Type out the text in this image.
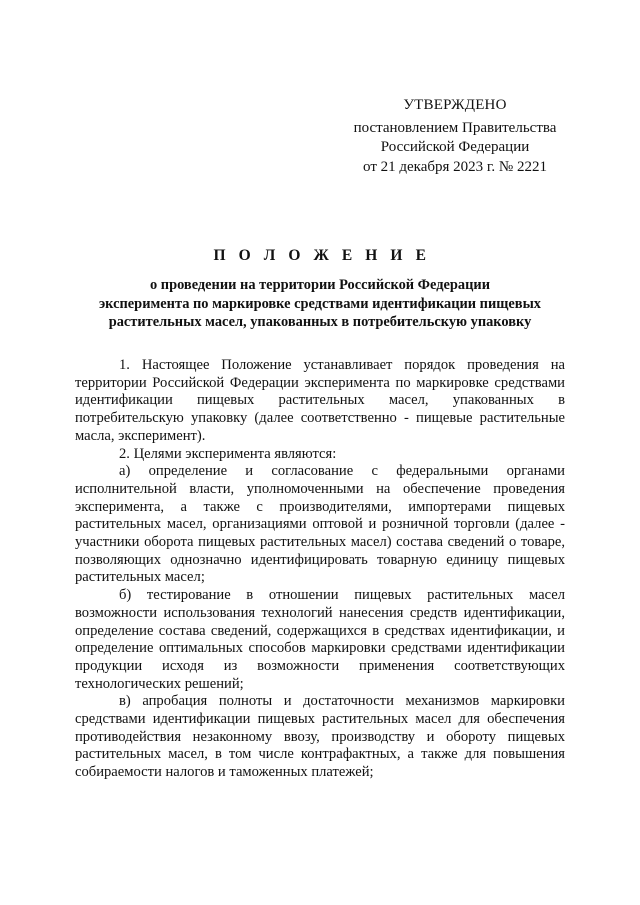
УТВЕРЖДЕНО
постановлением Правительства
Российской Федерации
от 21 декабря 2023 г. № 2221
П О Л О Ж Е Н И Е
о проведении на территории Российской Федерации
эксперимента по маркировке средствами идентификации пищевых
растительных масел, упакованных в потребительскую упаковку

1. Настоящее Положение устанавливает порядок проведения на территории Российской Федерации эксперимента по маркировке средствами идентификации пищевых растительных масел, упакованных в потребительскую упаковку (далее соответственно - пищевые растительные масла, эксперимент).

2. Целями эксперимента являются:

а) определение и согласование с федеральными органами исполнительной власти, уполномоченными на обеспечение проведения эксперимента, а также с производителями, импортерами пищевых растительных масел, организациями оптовой и розничной торговли (далее - участники оборота пищевых растительных масел) состава сведений о товаре, позволяющих однозначно идентифицировать товарную единицу пищевых растительных масел;

б) тестирование в отношении пищевых растительных масел возможности использования технологий нанесения средств идентификации, определение состава сведений, содержащихся в средствах идентификации, и определение оптимальных способов маркировки средствами идентификации продукции исходя из возможности применения соответствующих технологических решений;

в) апробация полноты и достаточности механизмов маркировки средствами идентификации пищевых растительных масел для обеспечения противодействия незаконному ввозу, производству и обороту пищевых растительных масел, в том числе контрафактных, а также для повышения собираемости налогов и таможенных платежей;
